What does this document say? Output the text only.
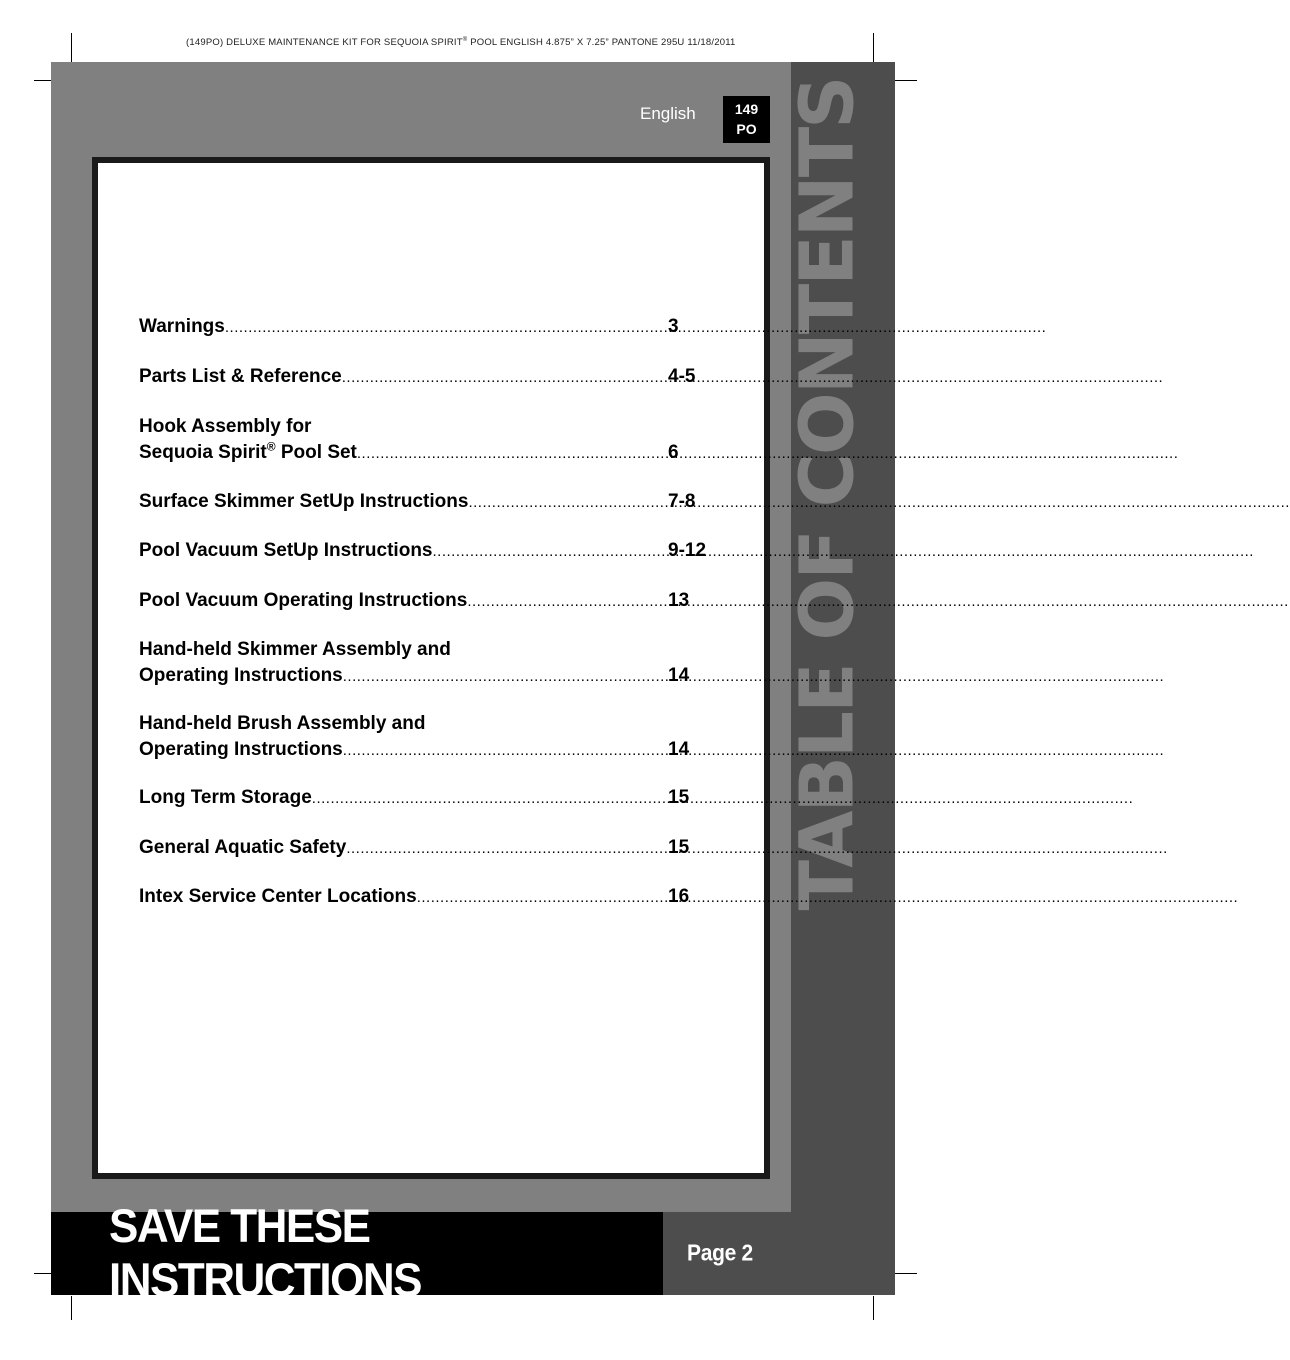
(149PO) DELUXE MAINTENANCE KIT FOR SEQUOIA SPIRIT® POOL ENGLISH 4.875” X 7.25” PANTONE 295U 11/18/2011
English	149
PO TABLE OF CONTENTS
Warnings .....	3
Parts List & Reference .....	4-5
Hook Assembly for
Sequoia Spirit® Pool Set .....	6
Surface Skimmer SetUp Instructions .....	7-8
Pool Vacuum SetUp Instructions .....	9-12
Pool Vacuum Operating Instructions .....	13
Hand-held Skimmer Assembly and
Operating Instructions .....	14
Hand-held Brush Assembly and
Operating Instructions .....	14
Long Term Storage .....	15
General Aquatic Safety .....	15
Intex Service Center Locations .....	16
SAVE THESE INSTRUCTIONS
Page 2
